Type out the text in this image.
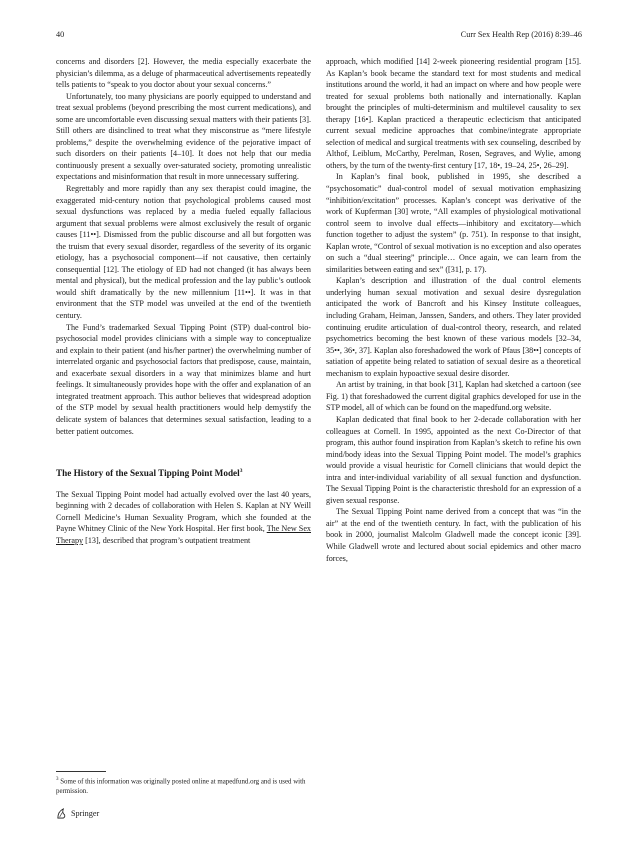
40	Curr Sex Health Rep (2016) 8:39–46

concerns and disorders [2]. However, the media especially exacerbate the physician’s dilemma, as a deluge of pharmaceutical advertisements repeatedly tells patients to “speak to you doctor about your sexual concerns.”

Unfortunately, too many physicians are poorly equipped to understand and treat sexual problems (beyond prescribing the most current medications), and some are uncomfortable even discussing sexual matters with their patients [3]. Still others are disinclined to treat what they misconstrue as “mere lifestyle problems,” despite the overwhelming evidence of the pejorative impact of such disorders on their patients [4–10]. It does not help that our media continuously present a sexually over-saturated society, promoting unrealistic expectations and misinformation that result in more unnecessary suffering.

Regrettably and more rapidly than any sex therapist could imagine, the exaggerated mid-century notion that psychological problems caused most sexual dysfunctions was replaced by a media fueled equally fallacious argument that sexual problems were almost exclusively the result of organic causes [11••]. Dismissed from the public discourse and all but forgotten was the truism that every sexual disorder, regardless of the severity of its organic etiology, has a psychosocial component—if not causative, then certainly consequential [12]. The etiology of ED had not changed (it has always been mental and physical), but the medical profession and the lay public’s outlook would shift dramatically by the new millennium [11••]. It was in that environment that the STP model was unveiled at the end of the twentieth century.

The Fund’s trademarked Sexual Tipping Point (STP) dual-control bio-psychosocial model provides clinicians with a simple way to conceptualize and explain to their patient (and his/her partner) the overwhelming number of interrelated organic and psychosocial factors that predispose, cause, maintain, and exacerbate sexual disorders in a way that minimizes blame and hurt feelings. It simultaneously provides hope with the offer and explanation of an integrated treatment approach. This author believes that widespread adoption of the STP model by sexual health practitioners would help demystify the delicate system of balances that determines sexual satisfaction, leading to a better patient outcomes.

The History of the Sexual Tipping Point Model$^3$

The Sexual Tipping Point model had actually evolved over the last 40 years, beginning with 2 decades of collaboration with Helen S. Kaplan at NY Weill Cornell Medicine’s Human Sexuality Program, which she founded at the Payne Whitney Clinic of the New York Hospital. Her first book, The New Sex Therapy [13], described that program’s outpatient treatment

$^3$ Some of this information was originally posted online at mapedfund.org and is used with permission.
Springer

approach, which modified [14] 2-week pioneering residential program [15]. As Kaplan’s book became the standard text for most students and medical institutions around the world, it had an impact on where and how people were treated for sexual problems both nationally and internationally. Kaplan brought the principles of multi-determinism and multilevel causality to sex therapy [16•]. Kaplan practiced a therapeutic eclecticism that anticipated current sexual medicine approaches that combine/integrate appropriate selection of medical and surgical treatments with sex counseling, described by Althof, Leiblum, McCarthy, Perelman, Rosen, Segraves, and Wylie, among others, by the turn of the twenty-first century [17, 18•, 19–24, 25•, 26–29].

In Kaplan’s final book, published in 1995, she described a “psychosomatic” dual-control model of sexual motivation emphasizing “inhibition/excitation” processes. Kaplan’s concept was derivative of the work of Kupferman [30] wrote, “All examples of physiological motivational control seem to involve dual effects—inhibitory and excitatory—which function together to adjust the system” (p. 751). In response to that insight, Kaplan wrote, “Control of sexual motivation is no exception and also operates on such a “dual steering” principle… Once again, we can learn from the similarities between eating and sex” ([31], p. 17).

Kaplan’s description and illustration of the dual control elements underlying human sexual motivation and sexual desire dysregulation anticipated the work of Bancroft and his Kinsey Institute colleagues, including Graham, Heiman, Janssen, Sanders, and others. They later provided continuing erudite articulation of dual-control theory, research, and related psychometrics becoming the best known of these various models [32–34, 35••, 36•, 37]. Kaplan also foreshadowed the work of Pfaus [38••] concepts of satiation of appetite being related to satiation of sexual desire as a theoretical mechanism to explain hypoactive sexual desire disorder.

An artist by training, in that book [31], Kaplan had sketched a cartoon (see Fig. 1) that foreshadowed the current digital graphics developed for use in the STP model, all of which can be found on the mapedfund.org website.

Kaplan dedicated that final book to her 2-decade collaboration with her colleagues at Cornell. In 1995, appointed as the next Co-Director of that program, this author found inspiration from Kaplan’s sketch to refine his own mind/body ideas into the Sexual Tipping Point model. The model’s graphics would provide a visual heuristic for Cornell clinicians that would depict the intra and inter-individual variability of all sexual function and dysfunction. The Sexual Tipping Point is the characteristic threshold for an expression of a given sexual response.

The Sexual Tipping Point name derived from a concept that was “in the air” at the end of the twentieth century. In fact, with the publication of his book in 2000, journalist Malcolm Gladwell made the concept iconic [39]. While Gladwell wrote and lectured about social epidemics and other macro forces,
